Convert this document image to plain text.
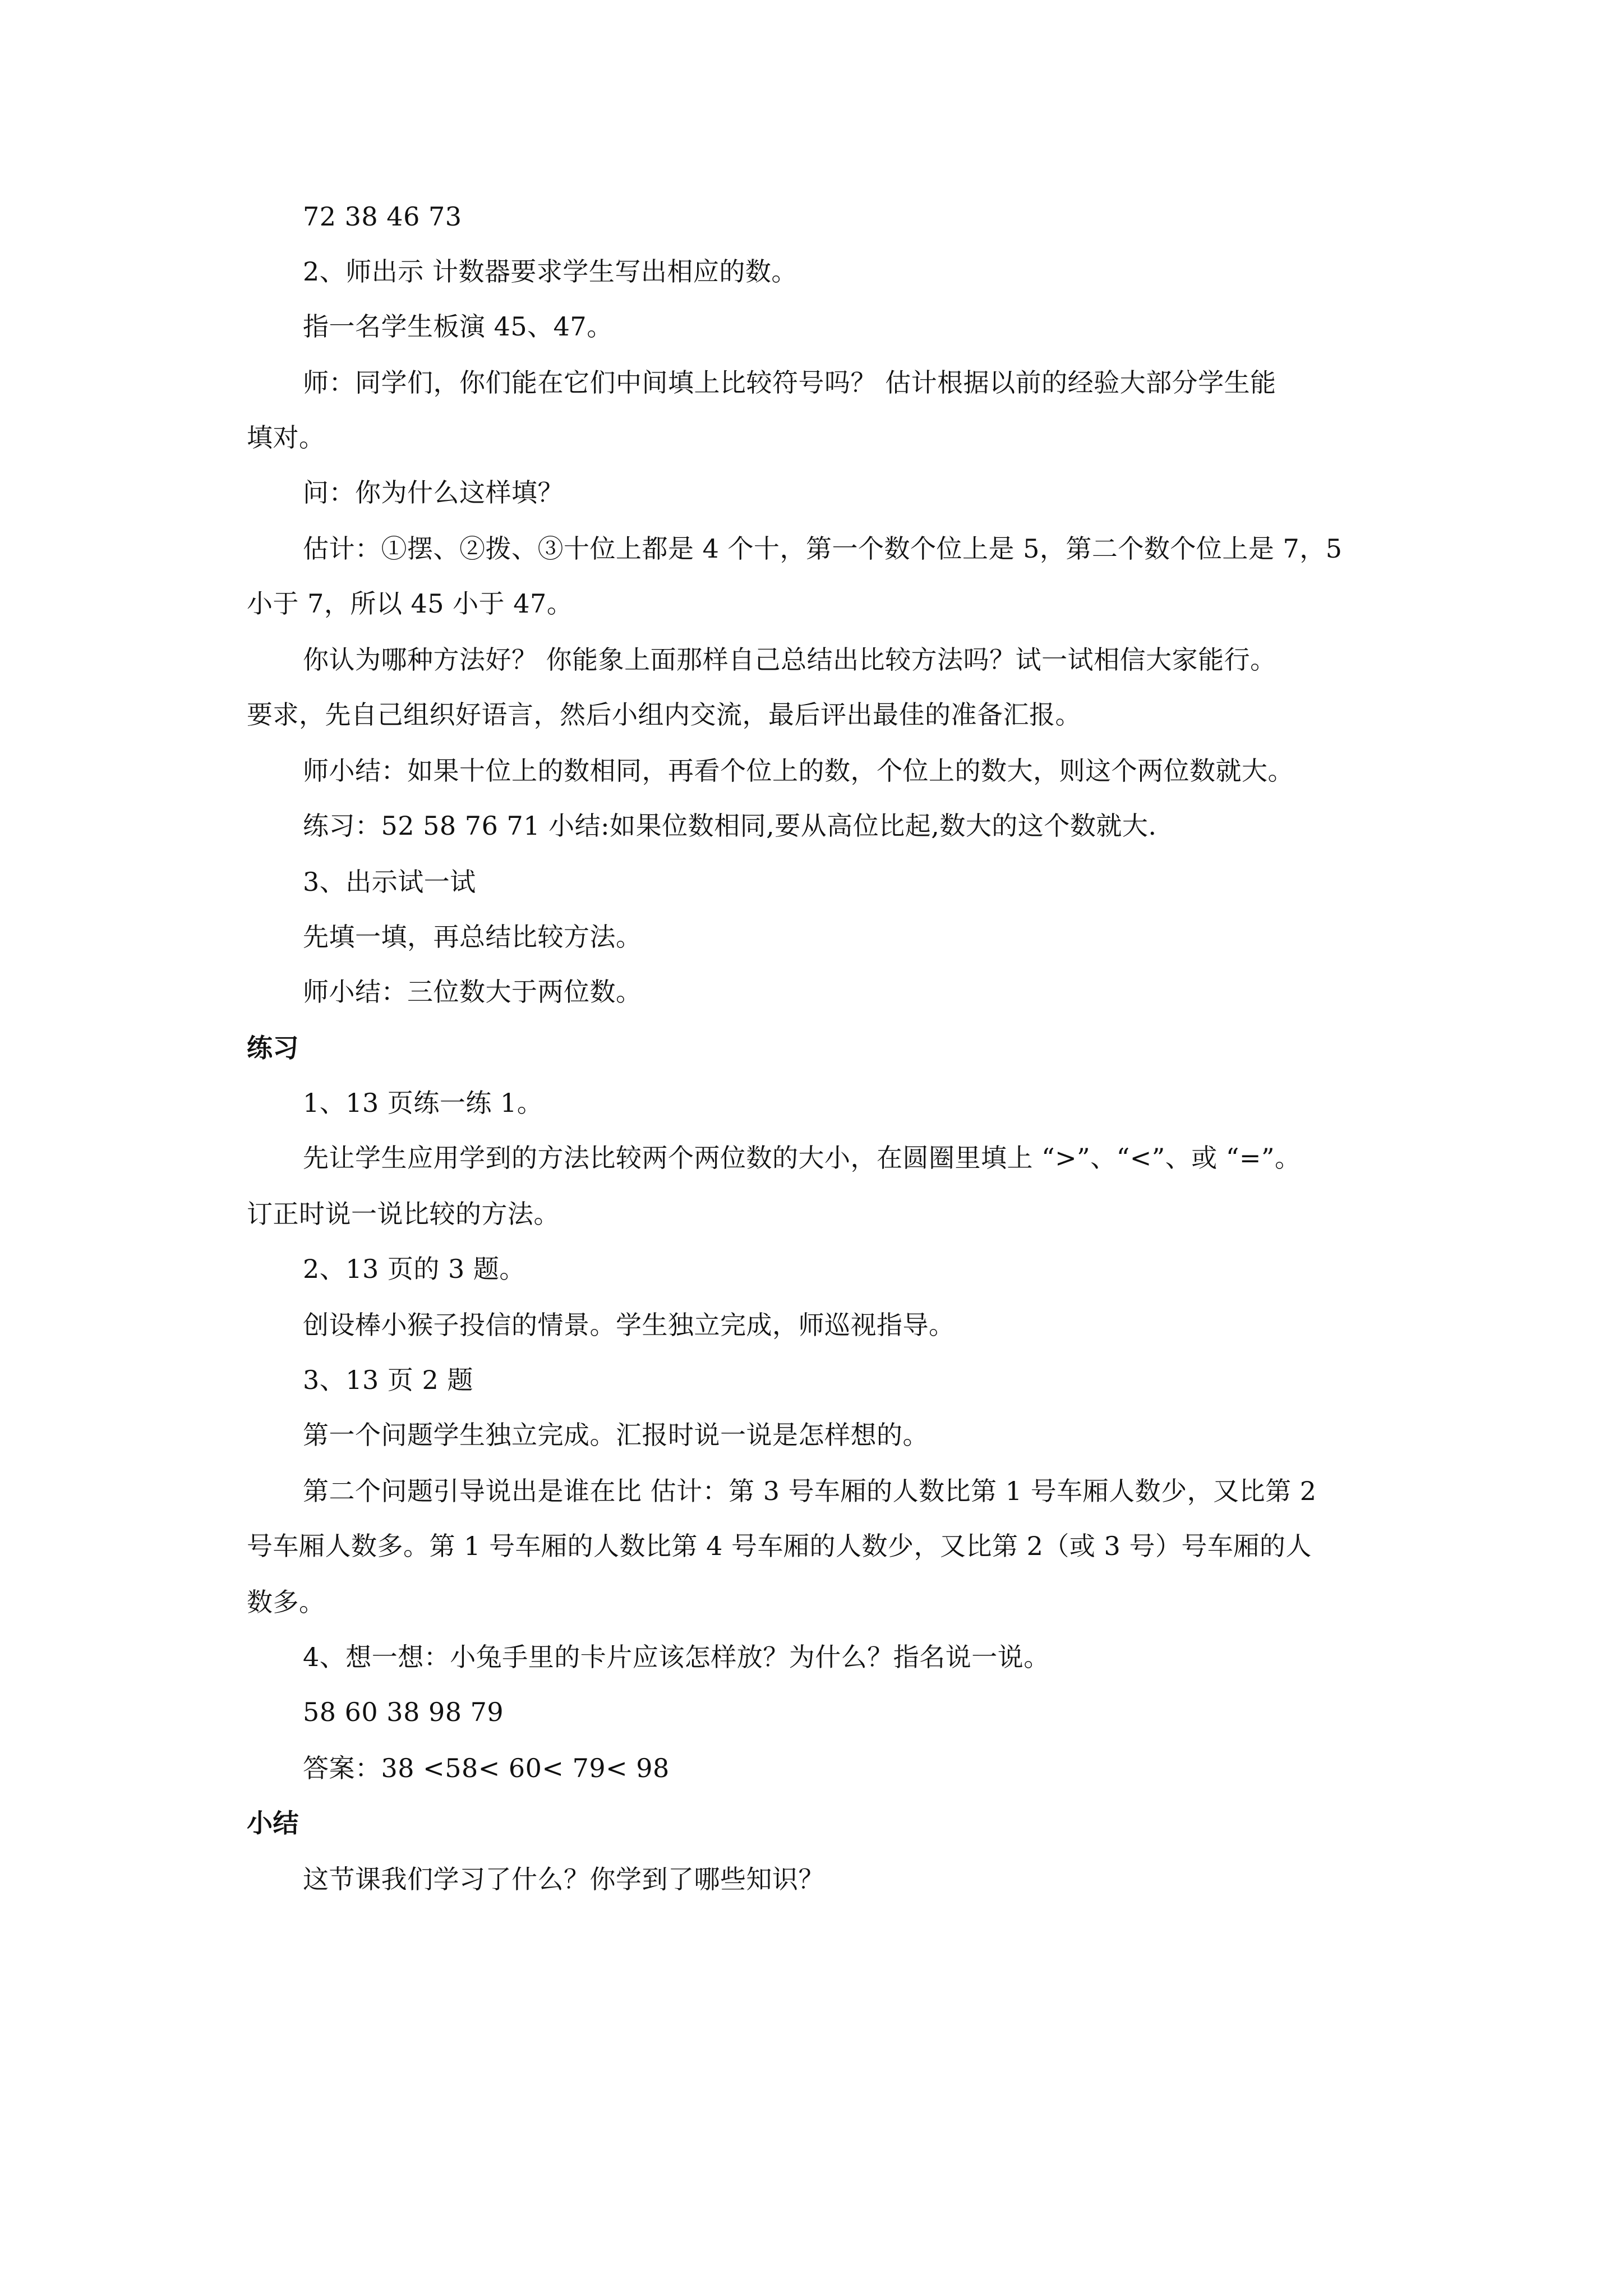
72 38 46 73
2、师出示 计数器要求学生写出相应的数。
指一名学生板演 45、47。
师：同学们，你们能在它们中间填上比较符号吗？ 估计根据以前的经验大部分学生能
填对。
问：你为什么这样填？
估计：①摆、②拨、③十位上都是 4 个十，第一个数个位上是 5，第二个数个位上是 7，5
小于 7，所以 45 小于 47。
你认为哪种方法好？ 你能象上面那样自己总结出比较方法吗？试一试相信大家能行。
要求，先自己组织好语言，然后小组内交流，最后评出最佳的准备汇报。
师小结：如果十位上的数相同，再看个位上的数，个位上的数大，则这个两位数就大。
练习：52 58 76 71 小结:如果位数相同,要从高位比起,数大的这个数就大.
3、出示试一试
先填一填，再总结比较方法。
师小结：三位数大于两位数。
练习
1、13 页练一练 1。
先让学生应用学到的方法比较两个两位数的大小，在圆圈里填上 “>”、“<”、或 “=”。
订正时说一说比较的方法。
2、13 页的 3 题。
创设棒小猴子投信的情景。学生独立完成，师巡视指导。
3、13 页 2 题
第一个问题学生独立完成。汇报时说一说是怎样想的。
第二个问题引导说出是谁在比 估计：第 3 号车厢的人数比第 1 号车厢人数少，又比第 2
号车厢人数多。第 1 号车厢的人数比第 4 号车厢的人数少，又比第 2（或 3 号）号车厢的人
数多。
4、想一想：小兔手里的卡片应该怎样放？为什么？指名说一说。
58 60 38 98 79
答案：38 <58< 60< 79< 98
小结
这节课我们学习了什么？你学到了哪些知识？
